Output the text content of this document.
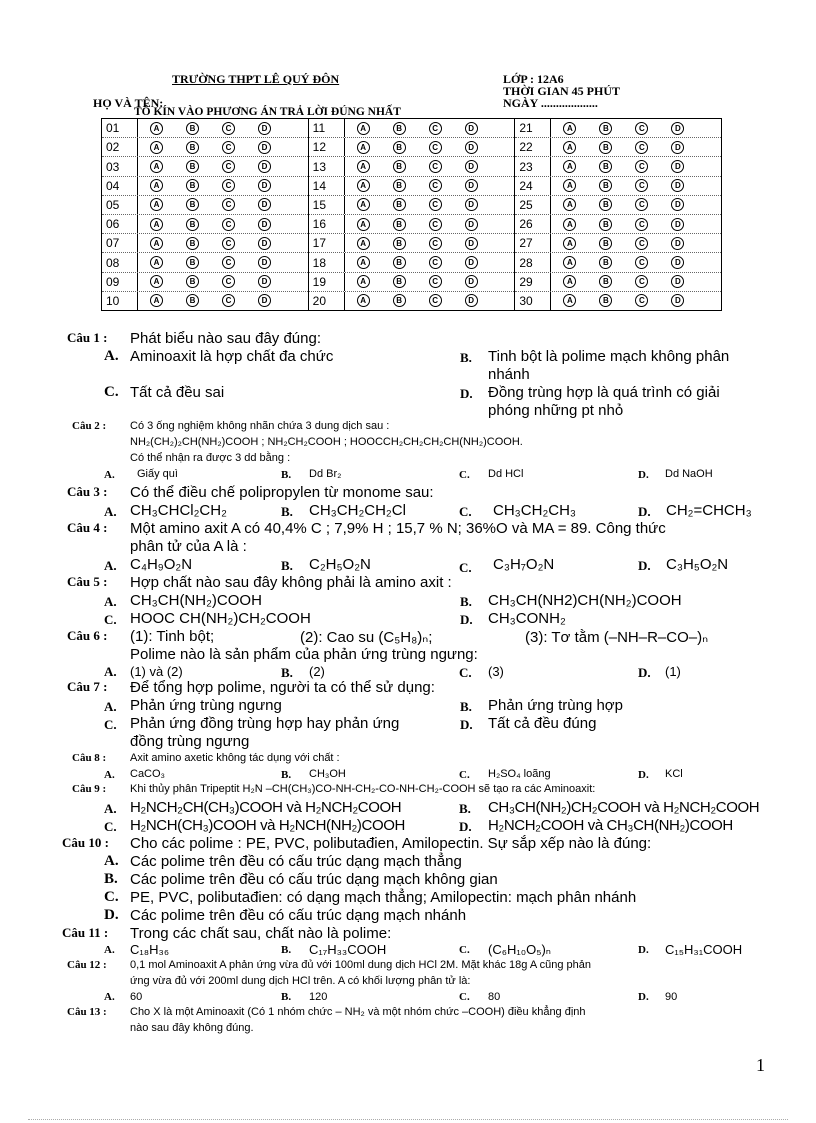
TRƯỜNG THPT LÊ QUÝ ĐÔN	LỚP : 12A6
THỜI GIAN 45 PHÚT
NGÀY ...................
HỌ VÀ TÊN:
TÔ KÍN VÀO PHƯƠNG ÁN TRẢ LỜI ĐÚNG NHẤT
01	A	B	C	D
02	A	B	C	D
03	A	B	C	D
04	A	B	C	D
05	A	B	C	D
06	A	B	C	D
07	A	B	C	D
08	A	B	C	D
09	A	B	C	D
10	A	B	C	D
11	A	B	C	D
12	A	B	C	D
13	A	B	C	D
14	A	B	C	D
15	A	B	C	D
16	A	B	C	D
17	A	B	C	D
18	A	B	C	D
19	A	B	C	D
20	A	B	C	D
21	A	B	C	D
22	A	B	C	D
23	A	B	C	D
24	A	B	C	D
25	A	B	C	D
26	A	B	C	D
27	A	B	C	D
28	A	B	C	D
29	A	B	C	D
30	A	B	C	D
Câu 1 : Phát biểu nào sau đây đúng:
A. Aminoaxit là hợp chất đa chức	B. Tinh bột là polime mạch không phân
nhánh
C. Tất cả đều sai	D. Đồng trùng hợp là quá trình có giải
phóng những pt nhỏ
Câu 2 : Có 3 ống nghiệm không nhãn chứa 3 dung dịch sau :
NH₂(CH₂)₂CH(NH₂)COOH ; NH₂CH₂COOH ; HOOCCH₂CH₂CH₂CH(NH₂)COOH.
Có thể nhận ra được 3 dd bằng :
A. Giấy quì	B. Dd Br₂	C. Dd HCl	D. Dd NaOH
Câu 3 : Có thể điều chế polipropylen từ monome sau:
A. CH₃CHCl₂CH₂	B. CH₃CH₂CH₂Cl	C. CH₃CH₂CH₃	D. CH₂=CHCH₃
Câu 4 : Một amino axit A có 40,4% C ; 7,9% H ; 15,7 % N; 36%O và MA = 89. Công thức
phân tử của A là :
A. C₄H₉O₂N	B. C₂H₅O₂N	C. C₃H₇O₂N	D. C₃H₅O₂N
Câu 5 : Hợp chất nào sau đây không phải là amino axit :
A. CH₃CH(NH₂)COOH	B. CH₃CH(NH2)CH(NH₂)COOH
C. HOOC CH(NH₂)CH₂COOH	D. CH₃CONH₂
Câu 6 : (1): Tinh bột;	(2): Cao su (C₅H₈)ₙ;	(3): Tơ tằm (–NH–R–CO–)ₙ
Polime nào là sản phẩm của phản ứng trùng ngưng:
A. (1) và (2)	B. (2)	C. (3)	D. (1)
Câu 7 : Để tổng hợp polime, người ta có thể sử dụng:
A. Phản ứng trùng ngưng	B. Phản ứng trùng hợp
C. Phản ứng đồng trùng hợp hay phản ứng
đồng trùng ngưng
D. Tất cả đều đúng
Câu 8 : Axit amino axetic không tác dụng với chất :
A. CaCO₃	B. CH₃OH	C. H₂SO₄ loãng	D. KCl
Câu 9 : Khi thủy phân Tripeptit H₂N –CH(CH₃)CO-NH-CH₂-CO-NH-CH₂-COOH sẽ tạo ra các Aminoaxit:
A. H₂NCH₂CH(CH₃)COOH và H₂NCH₂COOH	B. CH₃CH(NH₂)CH₂COOH và H₂NCH₂COOH
C. H₂NCH(CH₃)COOH và H₂NCH(NH₂)COOH	D. H₂NCH₂COOH và CH₃CH(NH₂)COOH
Câu 10 : Cho các polime : PE, PVC, polibutađien, Amilopectin. Sự sắp xếp nào là đúng:
A. Các polime trên đều có cấu trúc dạng mạch thẳng
B. Các polime trên đều có cấu trúc dạng mạch không gian
C. PE, PVC, polibutađien: có dạng mạch thẳng; Amilopectin: mạch phân nhánh
D. Các polime trên đều có cấu trúc dạng mạch nhánh
Câu 11 : Trong các chất sau, chất nào là polime:
A. C₁₈H₃₆	B. C₁₇H₃₃COOH	C. (C₆H₁₀O₅)ₙ	D. C₁₅H₃₁COOH
Câu 12 : 0,1 mol Aminoaxit A phản ứng vừa đủ với 100ml dung dịch HCl 2M. Mặt khác 18g A cũng phản
ứng vừa đủ với 200ml dung dịch HCl trên. A có khối lượng phân tử là:
A. 60	B. 120	C. 80	D. 90
Câu 13 : Cho X là một Aminoaxit (Có 1 nhóm chức – NH₂ và một nhóm chức –COOH) điều khẳng định
nào sau đây không đúng.
1
